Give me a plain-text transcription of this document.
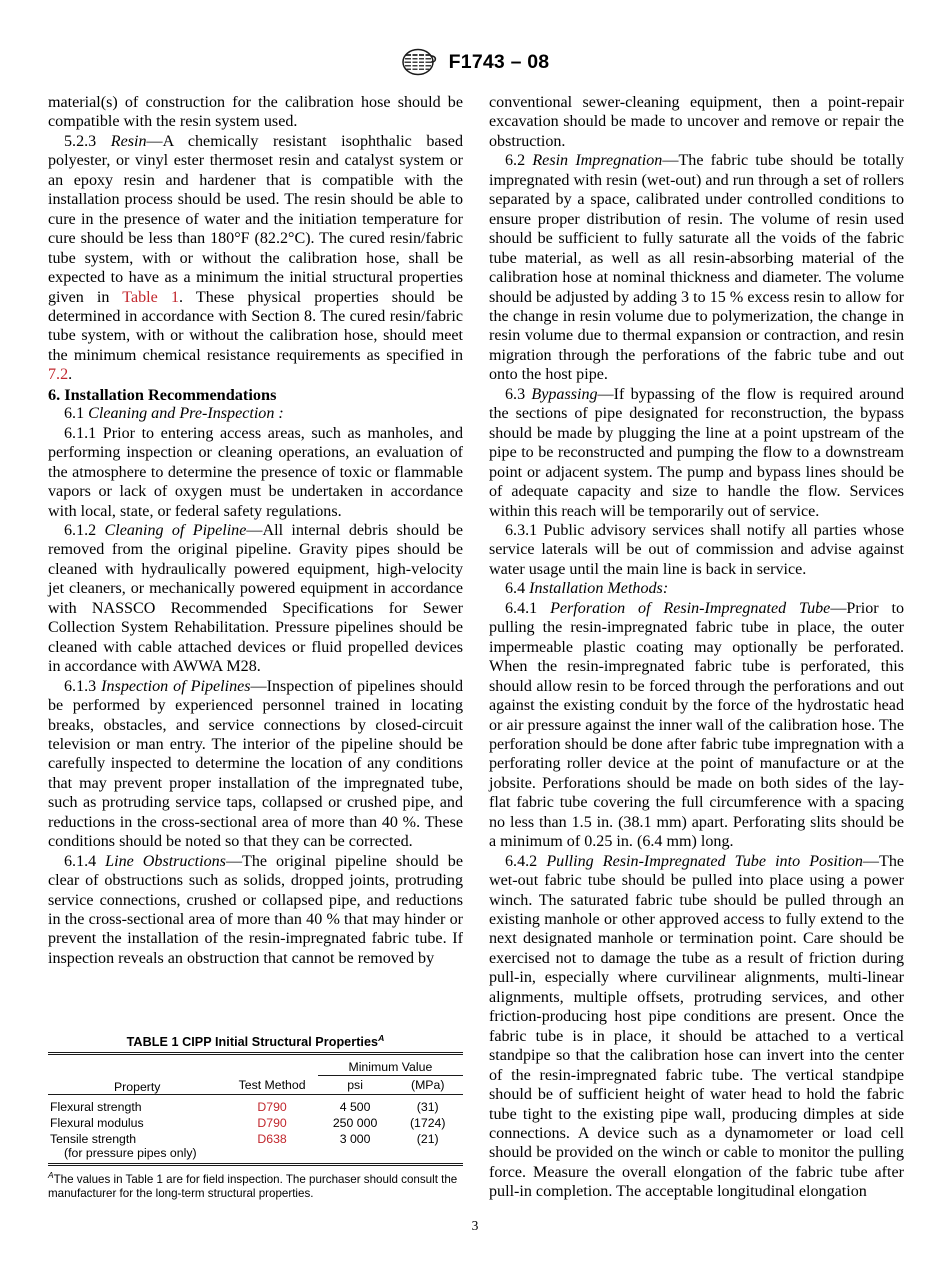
F1743 – 08

material(s) of construction for the calibration hose should be compatible with the resin system used.

5.2.3 Resin—A chemically resistant isophthalic based polyester, or vinyl ester thermoset resin and catalyst system or an epoxy resin and hardener that is compatible with the installation process should be used. The resin should be able to cure in the presence of water and the initiation temperature for cure should be less than 180°F (82.2°C). The cured resin/fabric tube system, with or without the calibration hose, shall be expected to have as a minimum the initial structural properties given in Table 1. These physical properties should be determined in accordance with Section 8. The cured resin/fabric tube system, with or without the calibration hose, should meet the minimum chemical resistance requirements as specified in 7.2.

6. Installation Recommendations

6.1 Cleaning and Pre-Inspection :

6.1.1 Prior to entering access areas, such as manholes, and performing inspection or cleaning operations, an evaluation of the atmosphere to determine the presence of toxic or flammable vapors or lack of oxygen must be undertaken in accordance with local, state, or federal safety regulations.

6.1.2 Cleaning of Pipeline—All internal debris should be removed from the original pipeline. Gravity pipes should be cleaned with hydraulically powered equipment, high-velocity jet cleaners, or mechanically powered equipment in accordance with NASSCO Recommended Specifications for Sewer Collection System Rehabilitation. Pressure pipelines should be cleaned with cable attached devices or fluid propelled devices in accordance with AWWA M28.

6.1.3 Inspection of Pipelines—Inspection of pipelines should be performed by experienced personnel trained in locating breaks, obstacles, and service connections by closed-circuit television or man entry. The interior of the pipeline should be carefully inspected to determine the location of any conditions that may prevent proper installation of the impregnated tube, such as protruding service taps, collapsed or crushed pipe, and reductions in the cross-sectional area of more than 40 %. These conditions should be noted so that they can be corrected.

6.1.4 Line Obstructions—The original pipeline should be clear of obstructions such as solids, dropped joints, protruding service connections, crushed or collapsed pipe, and reductions in the cross-sectional area of more than 40 % that may hinder or prevent the installation of the resin-impregnated fabric tube. If inspection reveals an obstruction that cannot be removed by

TABLE 1 CIPP Initial Structural Properties$^A$
Property	Test Method	Minimum Value	
		psi	(MPa)
Flexural strength	D790	4 500	(31)
Flexural modulus	D790	250 000	(1724)
Tensile strength	D638	3 000	(21)
(for pressure pipes only)			
$^A$The values in Table 1 are for field inspection. The purchaser should consult the manufacturer for the long-term structural properties.

conventional sewer-cleaning equipment, then a point-repair excavation should be made to uncover and remove or repair the obstruction.

6.2 Resin Impregnation—The fabric tube should be totally impregnated with resin (wet-out) and run through a set of rollers separated by a space, calibrated under controlled conditions to ensure proper distribution of resin. The volume of resin used should be sufficient to fully saturate all the voids of the fabric tube material, as well as all resin-absorbing material of the calibration hose at nominal thickness and diameter. The volume should be adjusted by adding 3 to 15 % excess resin to allow for the change in resin volume due to polymerization, the change in resin volume due to thermal expansion or contraction, and resin migration through the perforations of the fabric tube and out onto the host pipe.

6.3 Bypassing—If bypassing of the flow is required around the sections of pipe designated for reconstruction, the bypass should be made by plugging the line at a point upstream of the pipe to be reconstructed and pumping the flow to a downstream point or adjacent system. The pump and bypass lines should be of adequate capacity and size to handle the flow. Services within this reach will be temporarily out of service.

6.3.1 Public advisory services shall notify all parties whose service laterals will be out of commission and advise against water usage until the main line is back in service.

6.4 Installation Methods:

6.4.1 Perforation of Resin-Impregnated Tube—Prior to pulling the resin-impregnated fabric tube in place, the outer impermeable plastic coating may optionally be perforated. When the resin-impregnated fabric tube is perforated, this should allow resin to be forced through the perforations and out against the existing conduit by the force of the hydrostatic head or air pressure against the inner wall of the calibration hose. The perforation should be done after fabric tube impregnation with a perforating roller device at the point of manufacture or at the jobsite. Perforations should be made on both sides of the lay-flat fabric tube covering the full circumference with a spacing no less than 1.5 in. (38.1 mm) apart. Perforating slits should be a minimum of 0.25 in. (6.4 mm) long.

6.4.2 Pulling Resin-Impregnated Tube into Position—The wet-out fabric tube should be pulled into place using a power winch. The saturated fabric tube should be pulled through an existing manhole or other approved access to fully extend to the next designated manhole or termination point. Care should be exercised not to damage the tube as a result of friction during pull-in, especially where curvilinear alignments, multi-linear alignments, multiple offsets, protruding services, and other friction-producing host pipe conditions are present. Once the fabric tube is in place, it should be attached to a vertical standpipe so that the calibration hose can invert into the center of the resin-impregnated fabric tube. The vertical standpipe should be of sufficient height of water head to hold the fabric tube tight to the existing pipe wall, producing dimples at side connections. A device such as a dynamometer or load cell should be provided on the winch or cable to monitor the pulling force. Measure the overall elongation of the fabric tube after pull-in completion. The acceptable longitudinal elongation

3
